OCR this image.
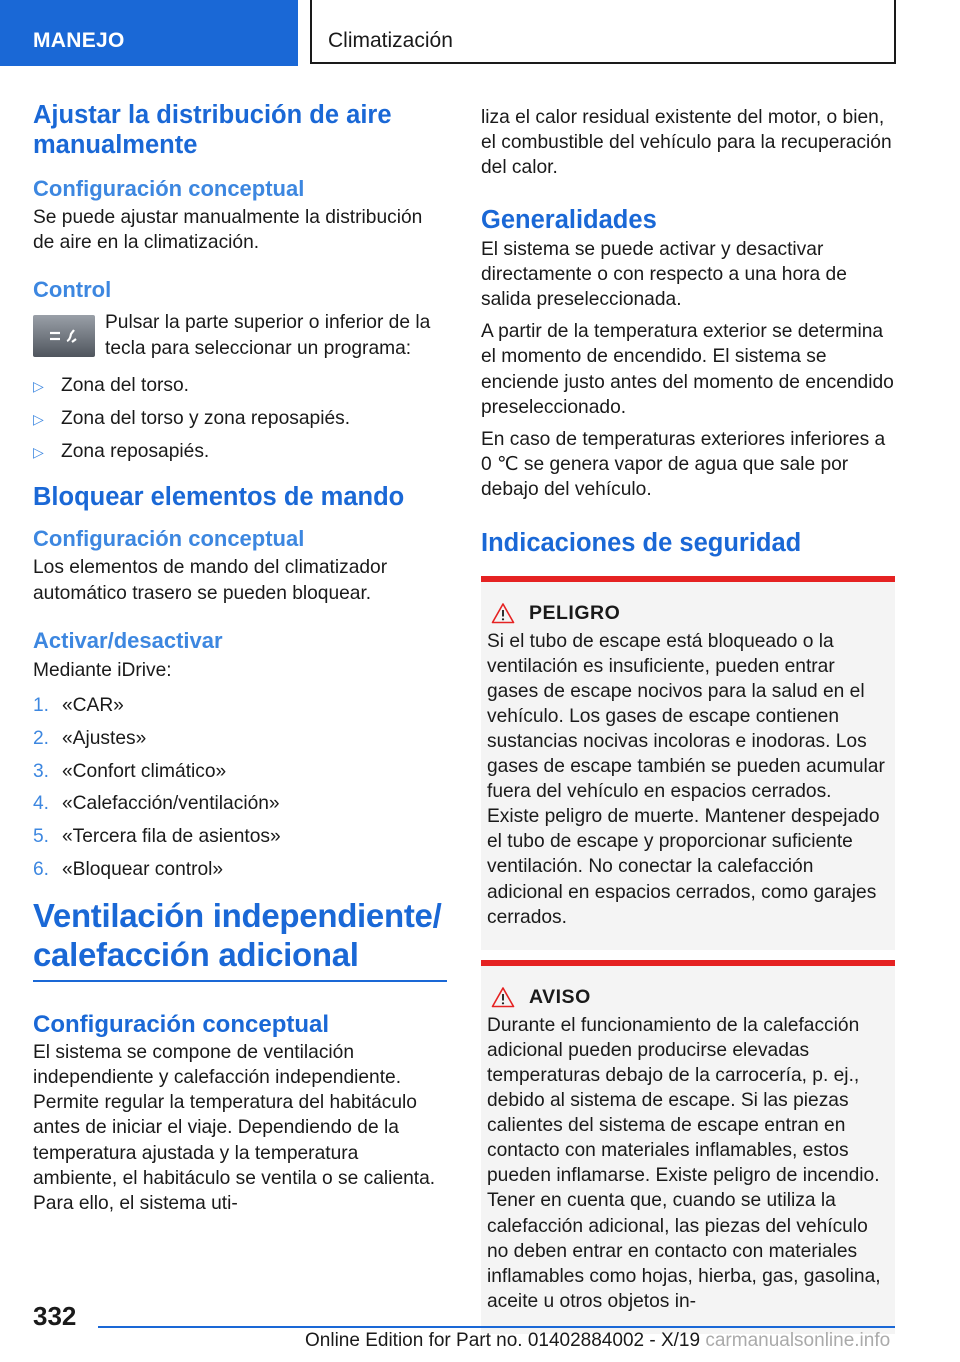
MANEJO	Climatización
Ajustar la distribución de aire manualmente
Configuración conceptual

Se puede ajustar manualmente la distribución de aire en la climatización.

Control

Pulsar la parte superior o inferior de la tecla para seleccionar un programa:

▷ Zona del torso.
▷ Zona del torso y zona reposapiés.
▷ Zona reposapiés.
Bloquear elementos de mando
Configuración conceptual

Los elementos de mando del climatizador automático trasero se pueden bloquear.

Activar/desactivar

Mediante iDrive:

1. «CAR»
2. «Ajustes»
3. «Confort climático»
4. «Calefacción/ventilación»
5. «Tercera fila de asientos»
6. «Bloquear control»
Ventilación independiente/ calefacción adicional
Configuración conceptual

El sistema se compone de ventilación independiente y calefacción independiente. Permite regular la temperatura del habitáculo antes de iniciar el viaje. Dependiendo de la temperatura ajustada y la temperatura ambiente, el habitáculo se ventila o se calienta. Para ello, el sistema uti-

liza el calor residual existente del motor, o bien, el combustible del vehículo para la recuperación del calor.

Generalidades

El sistema se puede activar y desactivar directamente o con respecto a una hora de salida preseleccionada.

A partir de la temperatura exterior se determina el momento de encendido. El sistema se enciende justo antes del momento de encendido preseleccionado.

En caso de temperaturas exteriores inferiores a 0 ℃ se genera vapor de agua que sale por debajo del vehículo.

Indicaciones de seguridad
PELIGRO

Si el tubo de escape está bloqueado o la ventilación es insuficiente, pueden entrar gases de escape nocivos para la salud en el vehículo. Los gases de escape contienen sustancias nocivas incoloras e inodoras. Los gases de escape también se pueden acumular fuera del vehículo en espacios cerrados. Existe peligro de muerte. Mantener despejado el tubo de escape y proporcionar suficiente ventilación. No conectar la calefacción adicional en espacios cerrados, como garajes cerrados.

AVISO

Durante el funcionamiento de la calefacción adicional pueden producirse elevadas temperaturas debajo de la carrocería, p. ej., debido al sistema de escape. Si las piezas calientes del sistema de escape entran en contacto con materiales inflamables, estos pueden inflamarse. Existe peligro de incendio. Tener en cuenta que, cuando se utiliza la calefacción adicional, las piezas del vehículo no deben entrar en contacto con materiales inflamables como hojas, hierba, gas, gasolina, aceite u otros objetos in-

332
Online Edition for Part no. 01402884002 - X/19 carmanualsonline.info
